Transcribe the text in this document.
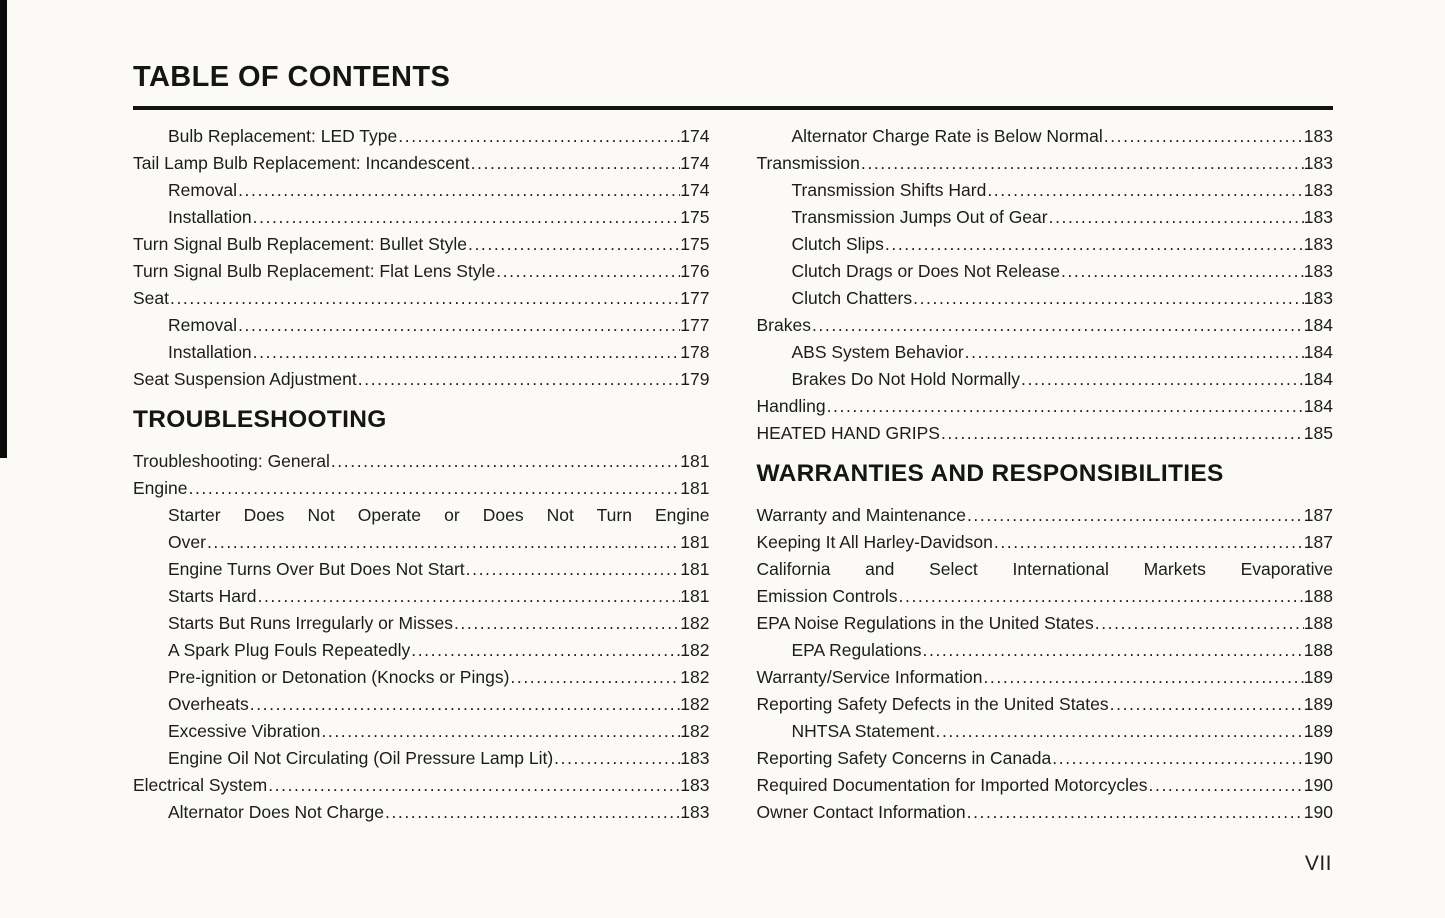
TABLE OF CONTENTS
Bulb Replacement: LED Type .....	174
Tail Lamp Bulb Replacement: Incandescent .....	174
Removal .....	174
Installation .....	175
Turn Signal Bulb Replacement: Bullet Style .....	175
Turn Signal Bulb Replacement: Flat Lens Style .....	176
Seat .....	177
Removal .....	177
Installation .....	178
Seat Suspension Adjustment .....	179
TROUBLESHOOTING
Troubleshooting: General .....	181
Engine .....	181
Starter Does Not Operate or Does Not Turn Engine
Over .....	181
Engine Turns Over But Does Not Start .....	181
Starts Hard .....	181
Starts But Runs Irregularly or Misses .....	182
A Spark Plug Fouls Repeatedly .....	182
Pre-ignition or Detonation (Knocks or Pings) .....	182
Overheats .....	182
Excessive Vibration .....	182
Engine Oil Not Circulating (Oil Pressure Lamp Lit) .....	183
Electrical System .....	183
Alternator Does Not Charge .....	183
Alternator Charge Rate is Below Normal .....	183
Transmission .....	183
Transmission Shifts Hard .....	183
Transmission Jumps Out of Gear .....	183
Clutch Slips .....	183
Clutch Drags or Does Not Release .....	183
Clutch Chatters .....	183
Brakes .....	184
ABS System Behavior .....	184
Brakes Do Not Hold Normally .....	184
Handling .....	184
HEATED HAND GRIPS .....	185
WARRANTIES AND RESPONSIBILITIES
Warranty and Maintenance .....	187
Keeping It All Harley-Davidson .....	187
California and Select International Markets Evaporative
Emission Controls .....	188
EPA Noise Regulations in the United States .....	188
EPA Regulations .....	188
Warranty/Service Information .....	189
Reporting Safety Defects in the United States .....	189
NHTSA Statement .....	189
Reporting Safety Concerns in Canada .....	190
Required Documentation for Imported Motorcycles .....	190
Owner Contact Information .....	190
VII
